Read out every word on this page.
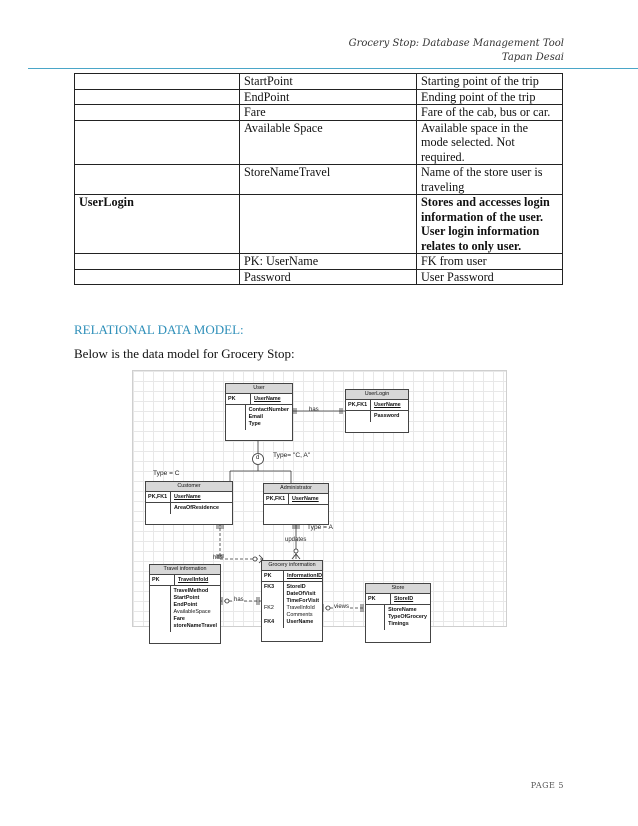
Grocery Stop: Database Management Tool
Tapan Desai
	StartPoint	Starting point of the trip
	EndPoint	Ending point of the trip
	Fare	Fare of the cab, bus or car.
	Available Space	Available space in the mode selected. Not required.
	StoreNameTravel	Name of the store user is traveling
UserLogin		Stores and accesses login information of the user. User login information relates to only user.
	PK: UserName	FK from user
	Password	User Password
RELATIONAL DATA MODEL:
Below is the data model for Grocery Stop:
User
PK	UserName
ContactNumber
Email
Type
UserLogin
PK,FK1	UserName
Password
Customer
PK,FK1	UserName
AreaOfResidence
Administrator
PK,FK1	UserName
Travel information
PK	TravelInfoId
TravelMethod
StartPoint
EndPoint
AvailableSpace
Fare
storeNameTravel
Grocery information
PK	InformationID
FK3

FK2

FK4
StoreID
DateOfVisit
TimeForVisit
TravelInfoId
Comments
UserName
Store
PK	StoreID
StoreName
TypeOfGrocery
Timings
has
d Type= "C, A"
Type = C
Type = A
updates
has
has
views
PAGE 5
